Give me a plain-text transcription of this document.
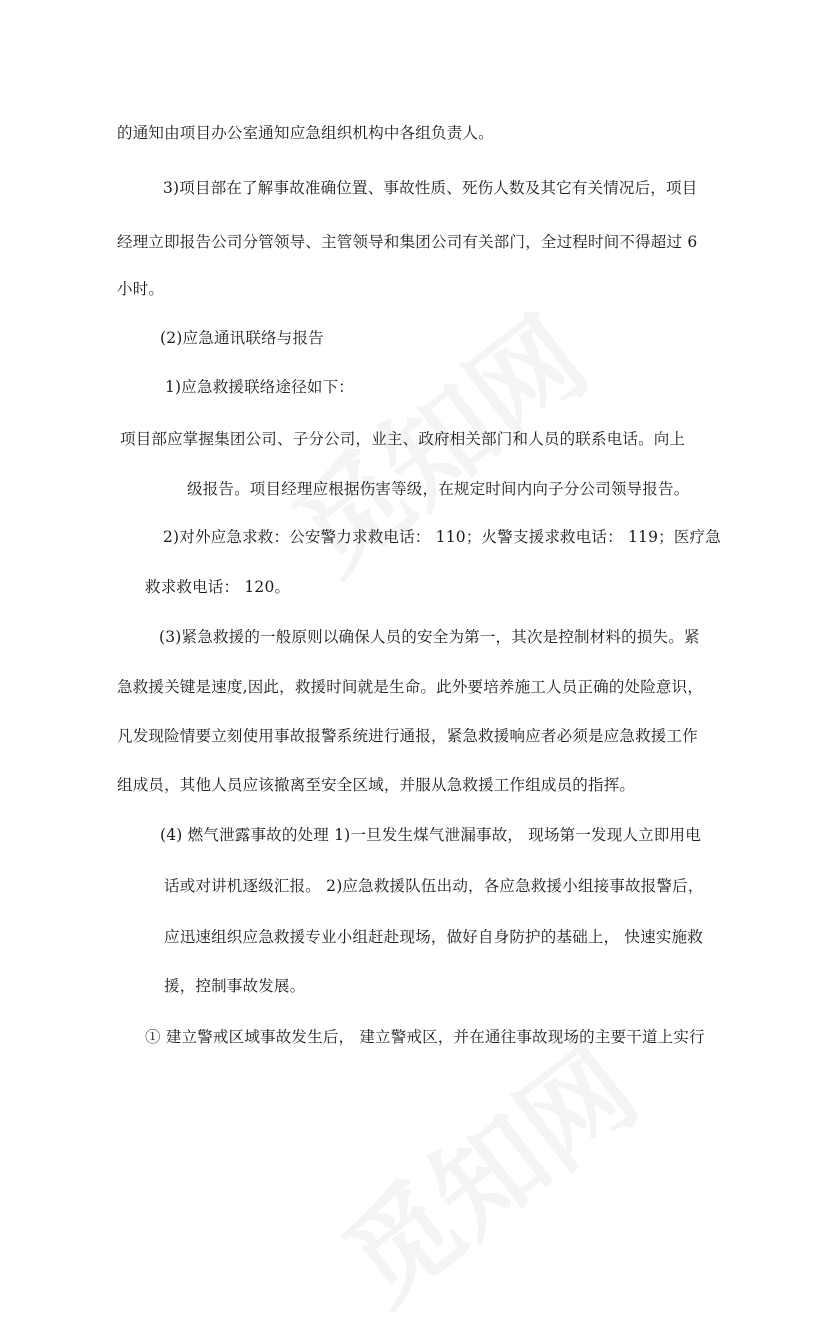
的通知由项目办公室通知应急组织机构中各组负责人。
3)项目部在了解事故准确位置、事故性质、死伤人数及其它有关情况后，项目
经理立即报告公司分管领导、主管领导和集团公司有关部门，全过程时间不得超过 6
小时。
(2)应急通讯联络与报告
1)应急救援联络途径如下：
项目部应掌握集团公司、子分公司，业主、政府相关部门和人员的联系电话。向上
级报告。项目经理应根据伤害等级，在规定时间内向子分公司领导报告。
2)对外应急求救：公安警力求救电话： 110；火警支援求救电话： 119；医疗急
救求救电话： 120。
(3)紧急救援的一般原则以确保人员的安全为第一，其次是控制材料的损失。紧
急救援关键是速度,因此，救援时间就是生命。此外要培养施工人员正确的处险意识，
凡发现险情要立刻使用事故报警系统进行通报，紧急救援响应者必须是应急救援工作
组成员，其他人员应该撤离至安全区域，并服从急救援工作组成员的指挥。
(4) 燃气泄露事故的处理 1)一旦发生煤气泄漏事故， 现场第一发现人立即用电
话或对讲机逐级汇报。 2)应急救援队伍出动，各应急救援小组接事故报警后，
应迅速组织应急救援专业小组赶赴现场，做好自身防护的基础上， 快速实施救
援，控制事故发展。
① 建立警戒区域事故发生后， 建立警戒区，并在通往事故现场的主要干道上实行
